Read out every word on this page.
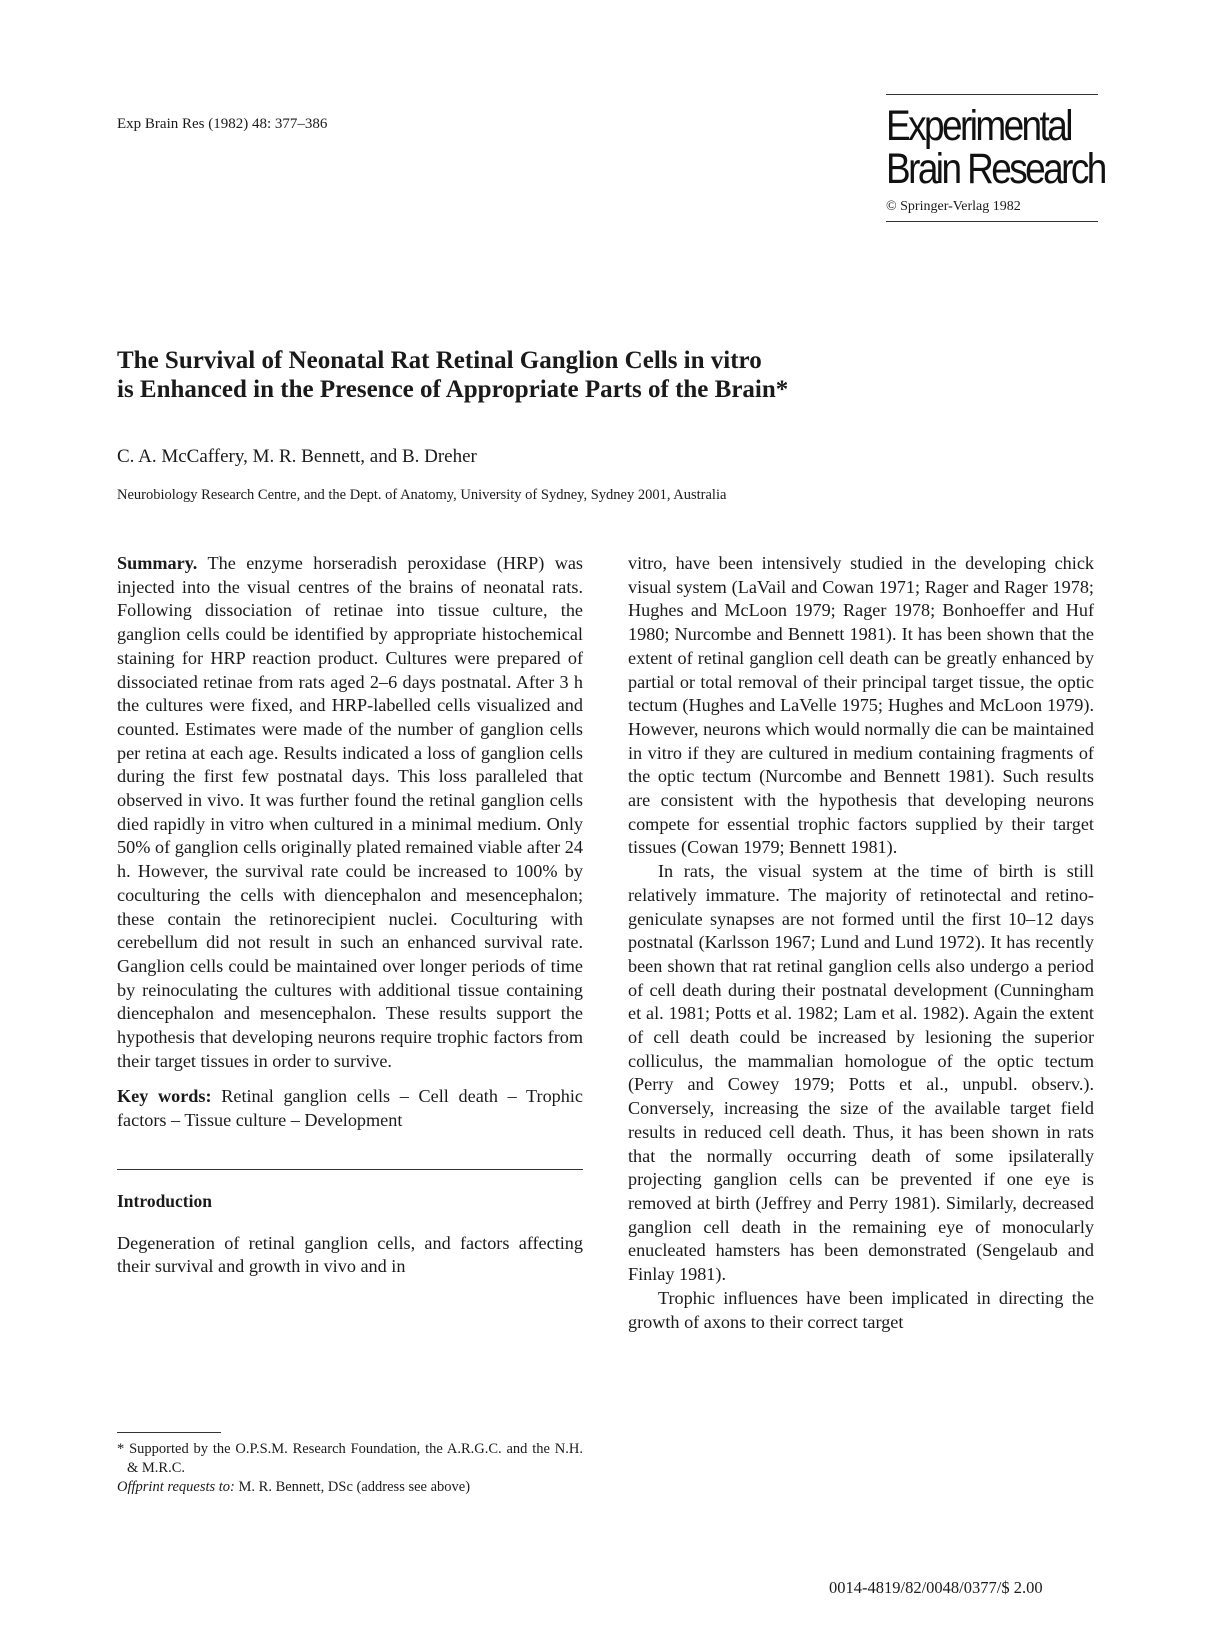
Exp Brain Res (1982) 48: 377–386	Experimental
Brain Research
© Springer-Verlag 1982
The Survival of Neonatal Rat Retinal Ganglion Cells in vitro
is Enhanced in the Presence of Appropriate Parts of the Brain*
C. A. McCaffery, M. R. Bennett, and B. Dreher
Neurobiology Research Centre, and the Dept. of Anatomy, University of Sydney, Sydney 2001, Australia

Summary. The enzyme horseradish peroxidase (HRP) was injected into the visual centres of the brains of neonatal rats. Following dissociation of retinae into tissue culture, the ganglion cells could be identified by appropriate histochemical staining for HRP reaction product. Cultures were prepared of dissociated retinae from rats aged 2–6 days postnatal. After 3 h the cultures were fixed, and HRP-labelled cells visualized and counted. Estimates were made of the number of ganglion cells per retina at each age. Results indicated a loss of ganglion cells during the first few postnatal days. This loss paralleled that observed in vivo. It was further found the retinal ganglion cells died rapidly in vitro when cultured in a minimal medium. Only 50% of ganglion cells originally plated remained viable after 24 h. However, the survival rate could be increased to 100% by coculturing the cells with diencephalon and mesencephalon; these contain the retinorecipient nuclei. Coculturing with cerebellum did not result in such an enhanced survival rate. Ganglion cells could be maintained over longer periods of time by reinoculating the cultures with additional tissue containing diencephalon and mesencephalon. These results support the hypothesis that developing neurons require trophic factors from their target tissues in order to survive.

Key words: Retinal ganglion cells – Cell death – Trophic factors – Tissue culture – Development

Introduction

Degeneration of retinal ganglion cells, and factors affecting their survival and growth in vivo and in

vitro, have been intensively studied in the developing chick visual system (LaVail and Cowan 1971; Rager and Rager 1978; Hughes and McLoon 1979; Rager 1978; Bonhoeffer and Huf 1980; Nurcombe and Bennett 1981). It has been shown that the extent of retinal ganglion cell death can be greatly enhanced by partial or total removal of their principal target tissue, the optic tectum (Hughes and LaVelle 1975; Hughes and McLoon 1979). However, neurons which would normally die can be maintained in vitro if they are cultured in medium containing fragments of the optic tectum (Nurcombe and Bennett 1981). Such results are consistent with the hypothesis that developing neurons compete for essential trophic factors supplied by their target tissues (Cowan 1979; Bennett 1981).

In rats, the visual system at the time of birth is still relatively immature. The majority of retinotectal and retino-geniculate synapses are not formed until the first 10–12 days postnatal (Karlsson 1967; Lund and Lund 1972). It has recently been shown that rat retinal ganglion cells also undergo a period of cell death during their postnatal development (Cunningham et al. 1981; Potts et al. 1982; Lam et al. 1982). Again the extent of cell death could be increased by lesioning the superior colliculus, the mammalian homologue of the optic tectum (Perry and Cowey 1979; Potts et al., unpubl. observ.). Conversely, increasing the size of the available target field results in reduced cell death. Thus, it has been shown in rats that the normally occurring death of some ipsilaterally projecting ganglion cells can be prevented if one eye is removed at birth (Jeffrey and Perry 1981). Similarly, decreased ganglion cell death in the remaining eye of monocularly enucleated hamsters has been demonstrated (Sengelaub and Finlay 1981).

Trophic influences have been implicated in directing the growth of axons to their correct target

* Supported by the O.P.S.M. Research Foundation, the A.R.G.C. and the N.H. & M.R.C.

Offprint requests to: M. R. Bennett, DSc (address see above)

0014-4819/82/0048/0377/$ 2.00
